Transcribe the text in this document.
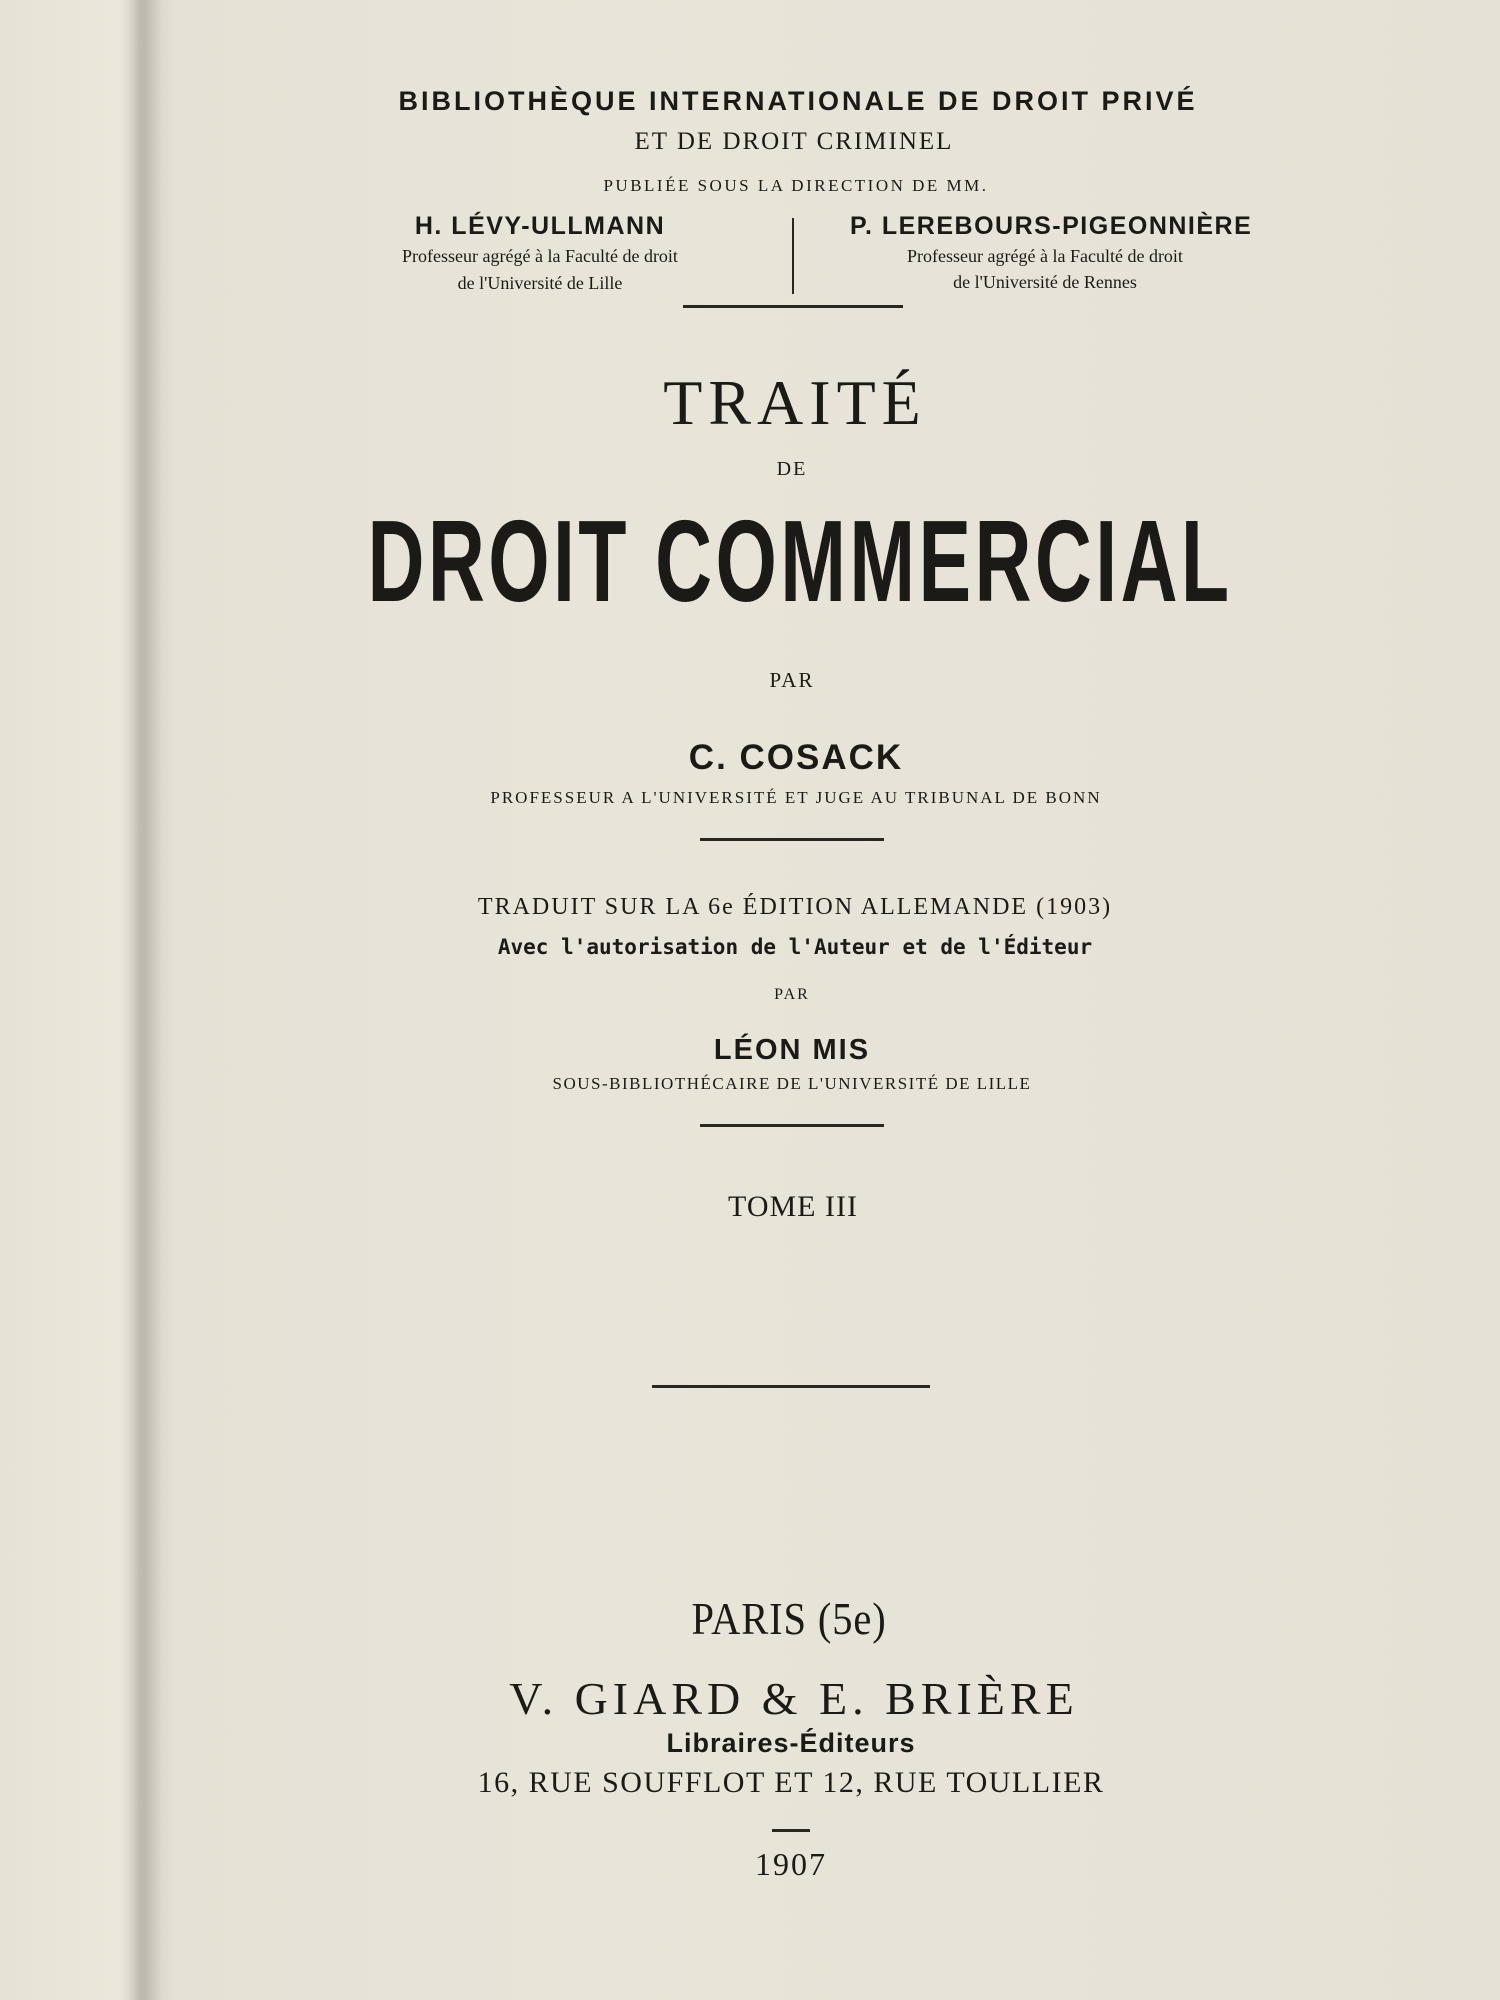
BIBLIOTHÈQUE INTERNATIONALE DE DROIT PRIVÉ
ET DE DROIT CRIMINEL
PUBLIÉE SOUS LA DIRECTION DE MM.
H. LÉVY-ULLMANN
Professeur agrégé à la Faculté de droit
de l'Université de Lille
P. LEREBOURS-PIGEONNIÈRE
Professeur agrégé à la Faculté de droit
de l'Université de Rennes
TRAITÉ
DE
DROIT COMMERCIAL
PAR
C. COSACK
PROFESSEUR A L'UNIVERSITÉ ET JUGE AU TRIBUNAL DE BONN
TRADUIT SUR LA 6e ÉDITION ALLEMANDE (1903)
Avec l'autorisation de l'Auteur et de l'Éditeur
PAR
LÉON MIS
SOUS-BIBLIOTHÉCAIRE DE L'UNIVERSITÉ DE LILLE
TOME III
PARIS (5e)
V. GIARD & E. BRIÈRE
Libraires-Éditeurs
16, RUE SOUFFLOT ET 12, RUE TOULLIER
1907
